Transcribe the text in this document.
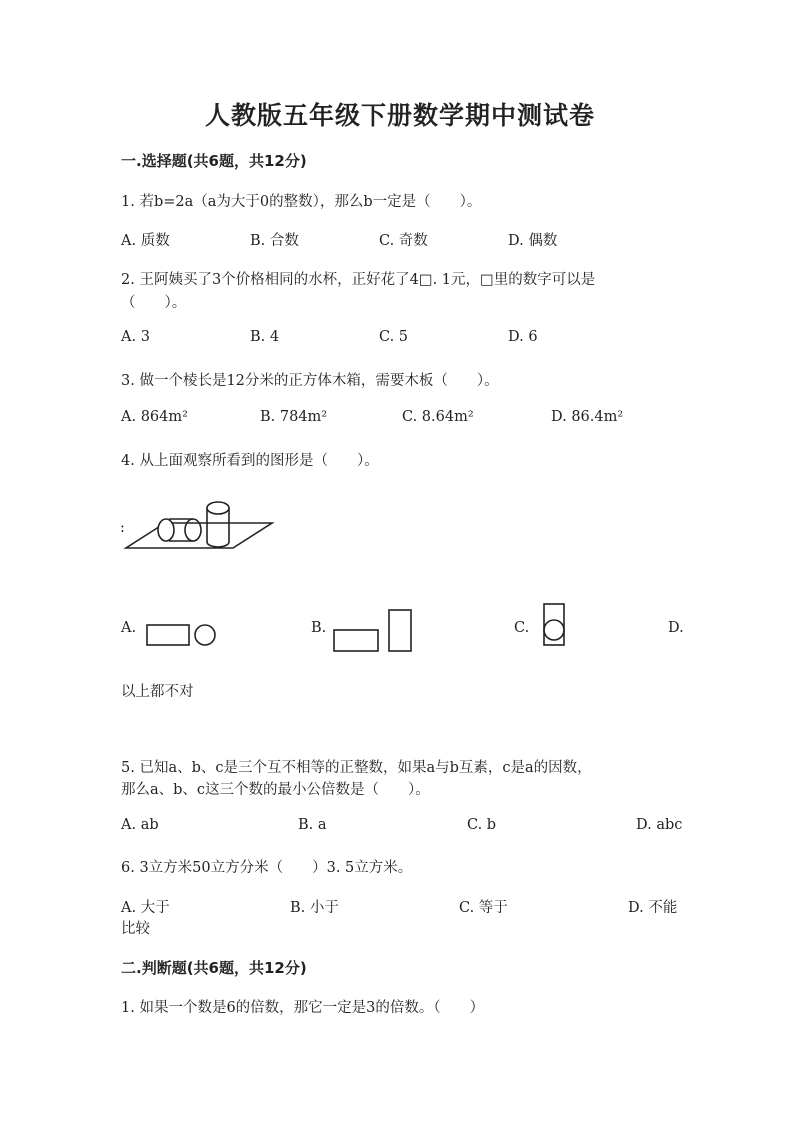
人教版五年级下册数学期中测试卷
一.选择题(共6题，共12分)
1. 若b=2a（a为大于0的整数），那么b一定是（　　）。
A. 质数	B. 合数	C. 奇数	D. 偶数
2. 王阿姨买了3个价格相同的水杯，正好花了4□. 1元，□里的数字可以是
（　　）。
A. 3	B. 4	C. 5	D. 6
3. 做一个棱长是12分米的正方体木箱，需要木板（　　）。
A. 864m²	B. 784m²	C. 8.64m²	D. 86.4m²
4. 从上面观察所看到的图形是（　　）。
:
A.	B.	C.	D.
以上都不对
5. 已知a、b、c是三个互不相等的正整数，如果a与b互素，c是a的因数，
那么a、b、c这三个数的最小公倍数是（　　）。
A. ab	B. a	C. b	D. abc
6. 3立方米50立方分米（　　）3. 5立方米。
A. 大于	B. 小于	C. 等于	D. 不能
比较
二.判断题(共6题，共12分)
1. 如果一个数是6的倍数，那它一定是3的倍数。（　　）
